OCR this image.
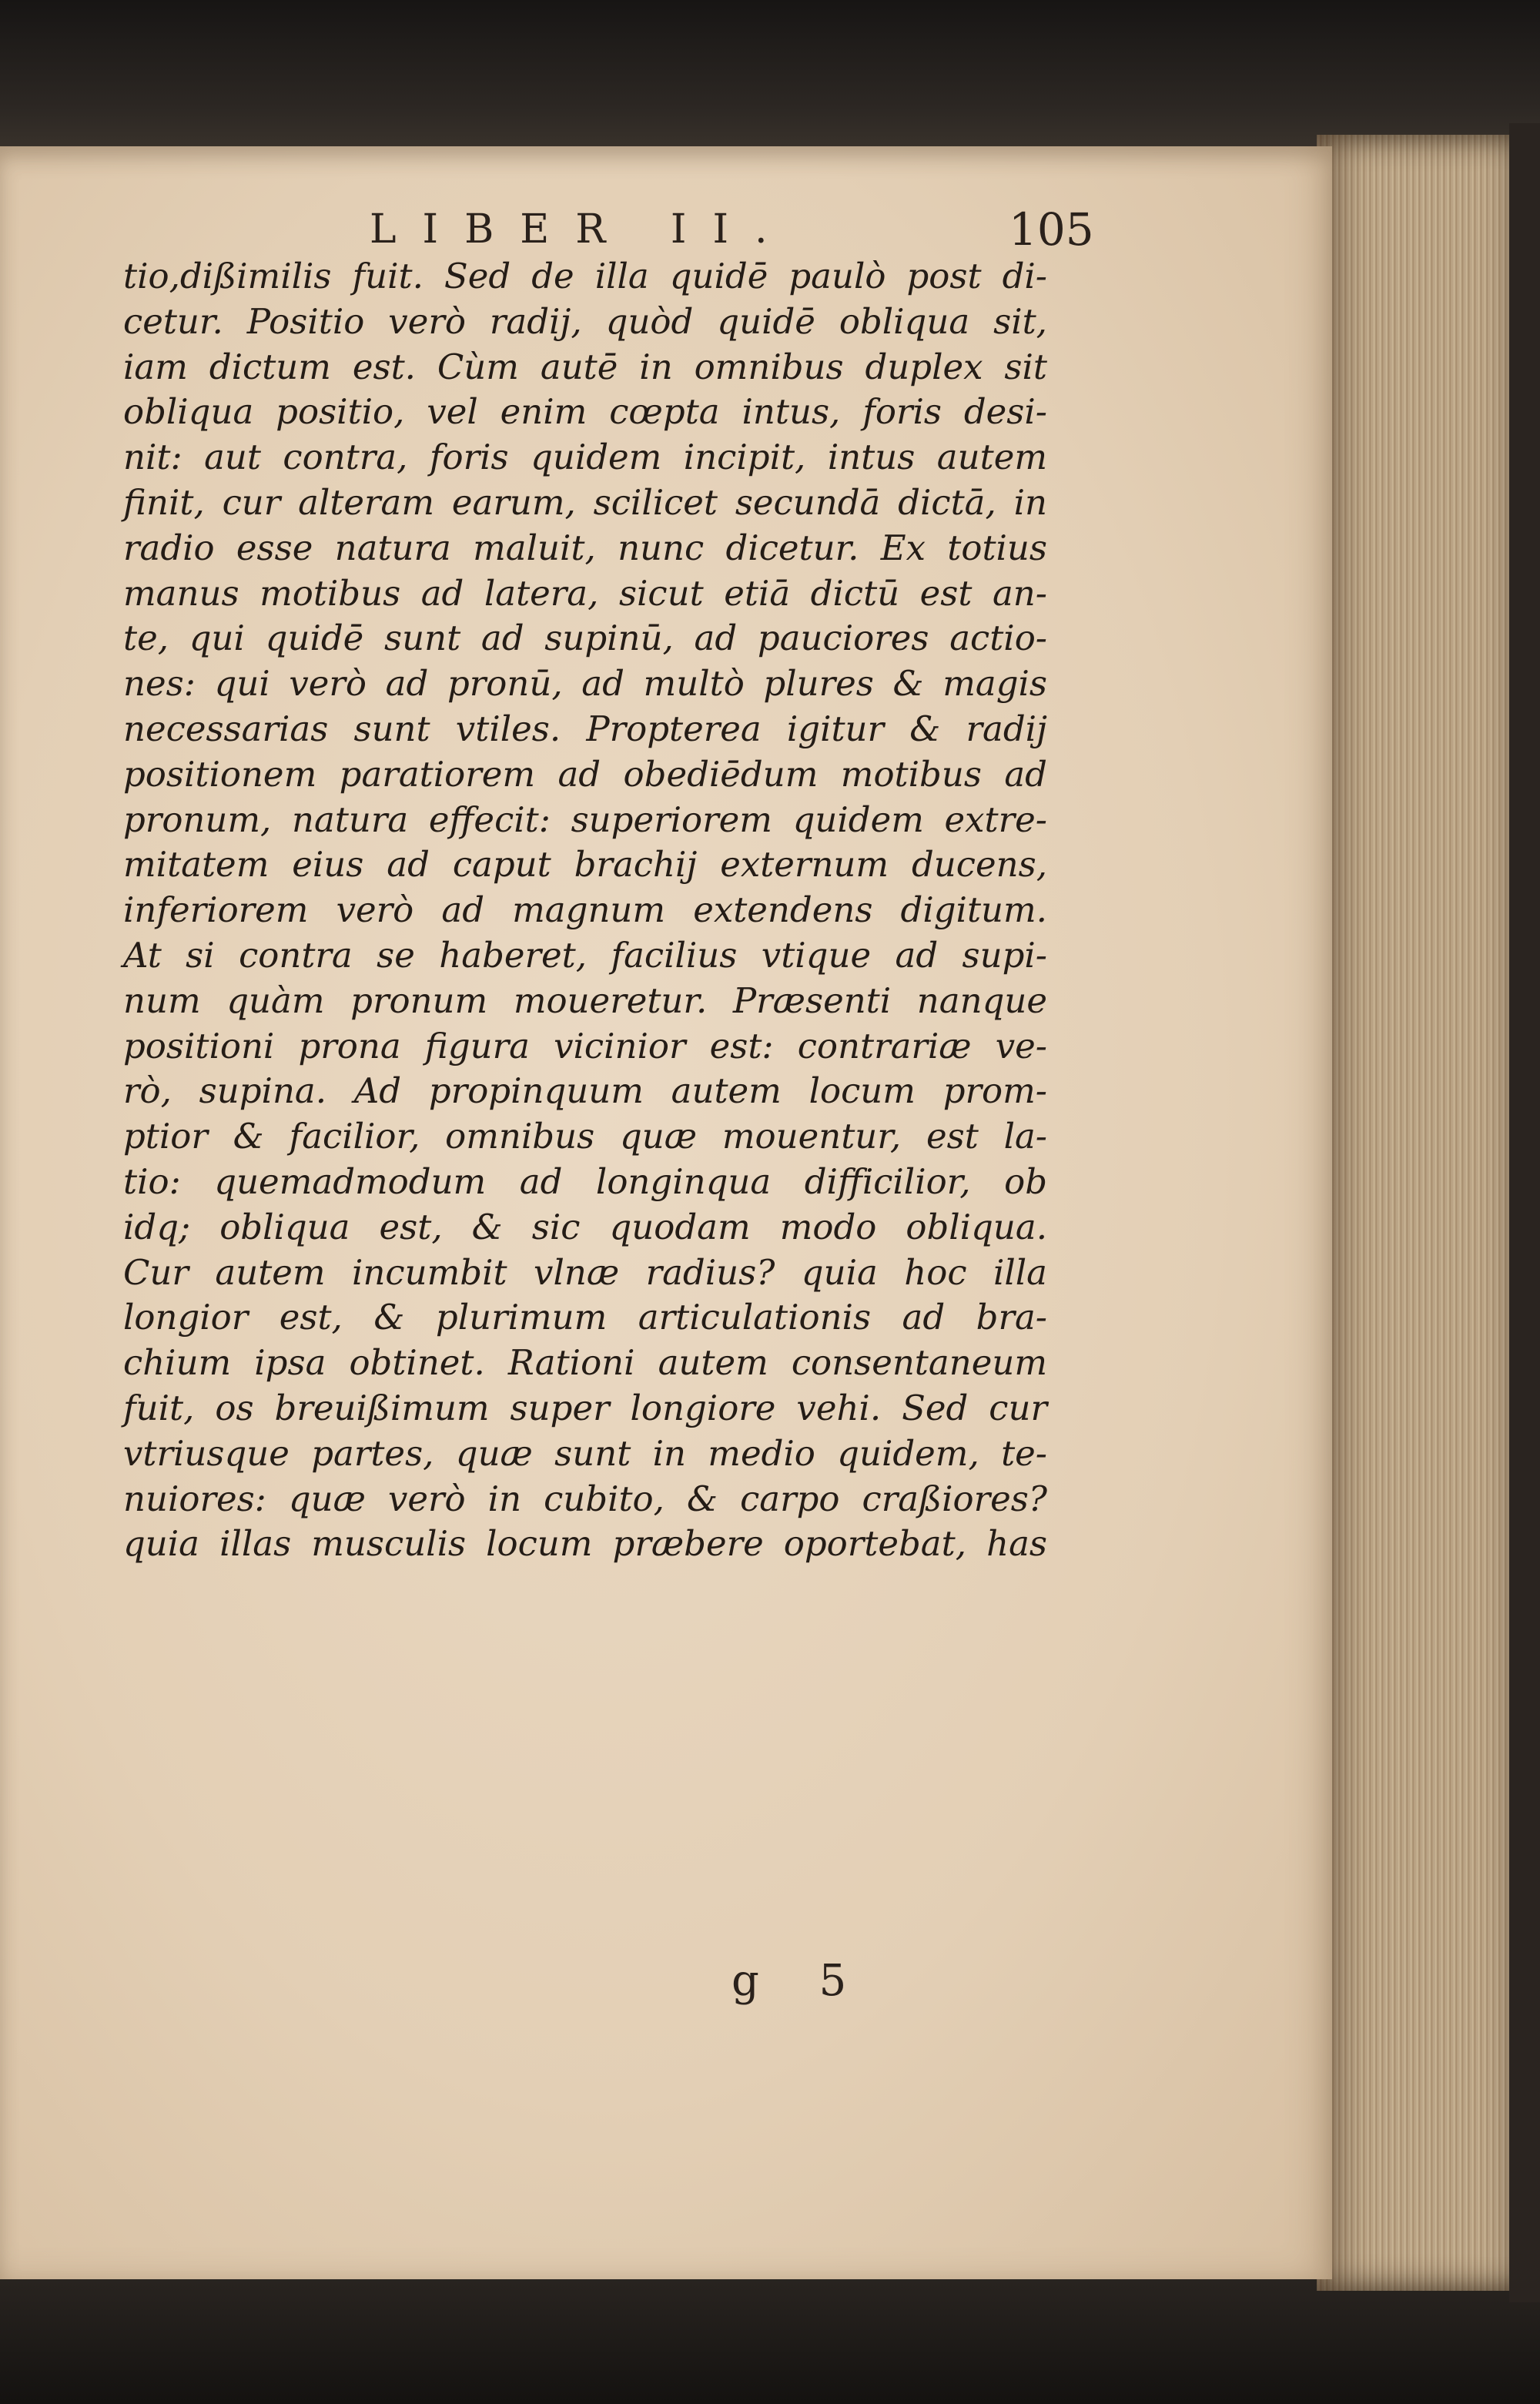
LIBER II.	105
tio,dißimilis fuit. Sed de illa quidē paulò post di-
cetur. Positio verò radij, quòd quidē obliqua sit,
iam dictum est. Cùm autē in omnibus duplex sit
obliqua positio, vel enim cœpta intus, foris desi-
nit: aut contra, foris quidem incipit, intus autem
finit, cur alteram earum, scilicet secundā dictā, in
radio esse natura maluit, nunc dicetur. Ex totius
manus motibus ad latera, sicut etiā dictū est an-
te, qui quidē sunt ad supinū, ad pauciores actio-
nes: qui verò ad pronū, ad multò plures & magis
necessarias sunt vtiles. Propterea igitur & radij
positionem paratiorem ad obediēdum motibus ad
pronum, natura effecit: superiorem quidem extre-
mitatem eius ad caput brachij externum ducens,
inferiorem verò ad magnum extendens digitum.
At si contra se haberet, facilius vtique ad supi-
num quàm pronum moueretur. Præsenti nanque
positioni prona figura vicinior est: contrariæ ve-
rò, supina. Ad propinquum autem locum prom-
ptior & facilior, omnibus quæ mouentur, est la-
tio: quemadmodum ad longinqua difficilior, ob
idq; obliqua est, & sic quodam modo obliqua.
Cur autem incumbit vlnæ radius? quia hoc illa
longior est, & plurimum articulationis ad bra-
chium ipsa obtinet. Rationi autem consentaneum
fuit, os breuißimum super longiore vehi. Sed cur
vtriusque partes, quæ sunt in medio quidem, te-
nuiores: quæ verò in cubito, & carpo craßiores?
quia illas musculis locum præbere oportebat, has
g 5
